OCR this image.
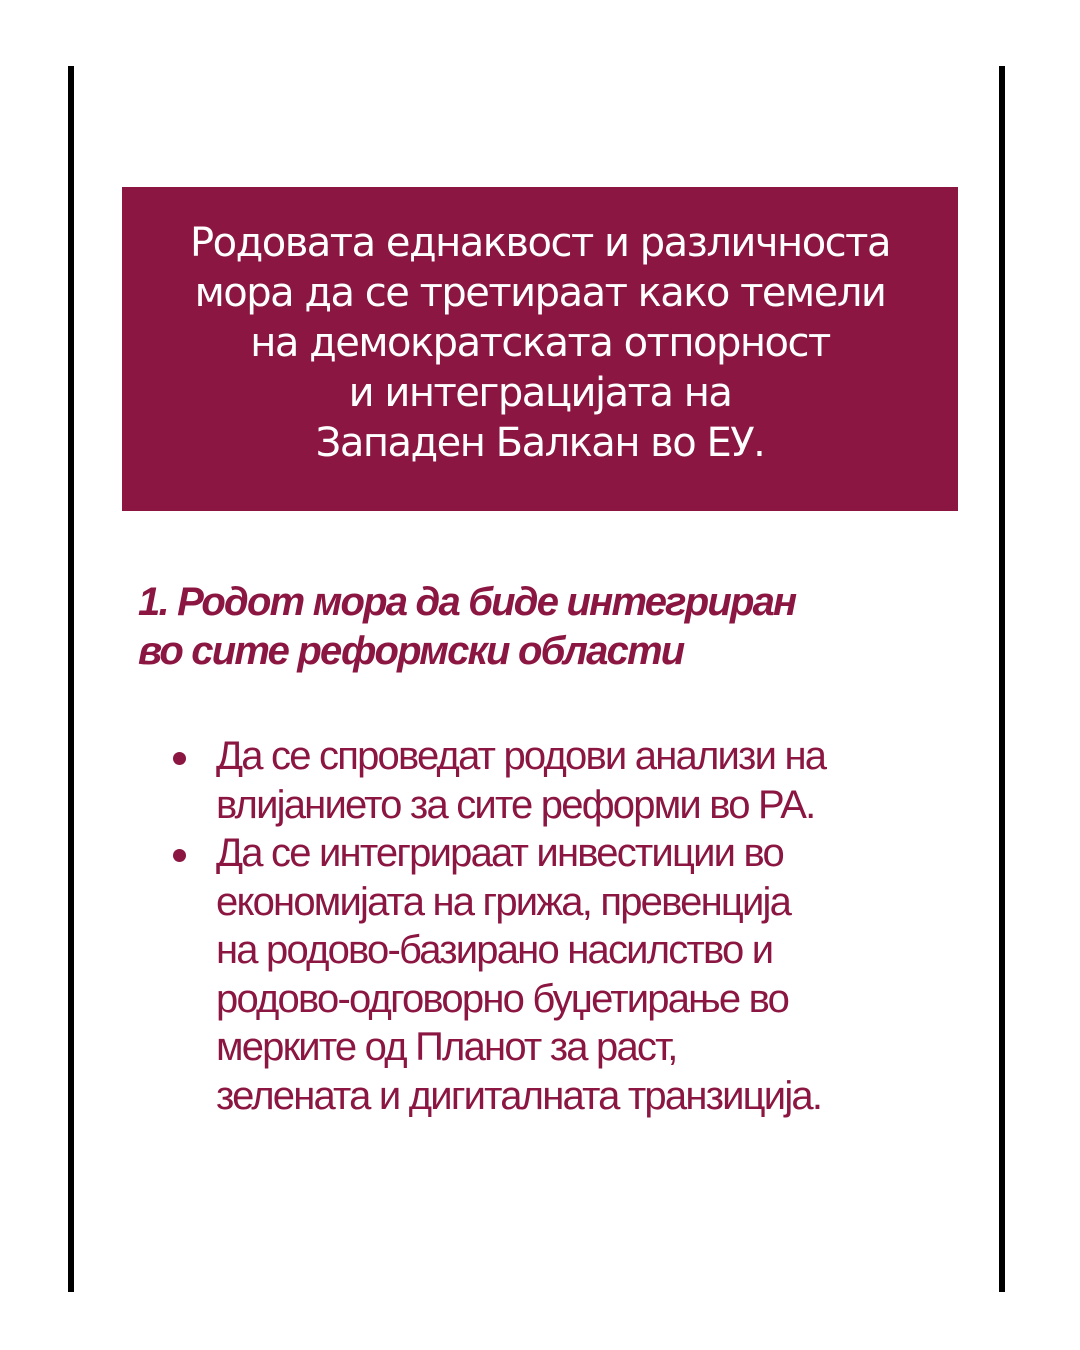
Родовата еднаквост и различноста
мора да се третираат како темели
на демократската отпорност
и интеграцијата на
Западен Балкан во ЕУ.
1. Родот мора да биде интегриран
во сите реформски области
Да се спроведат родови анализи на
влијанието за сите реформи во РА.
Да се интегрираат инвестиции во
економијата на грижа, превенција
на родово-базирано насилство и
родово-одговорно буџетирање во
мерките од Планот за раст,
зелената и дигиталната транзиција.
